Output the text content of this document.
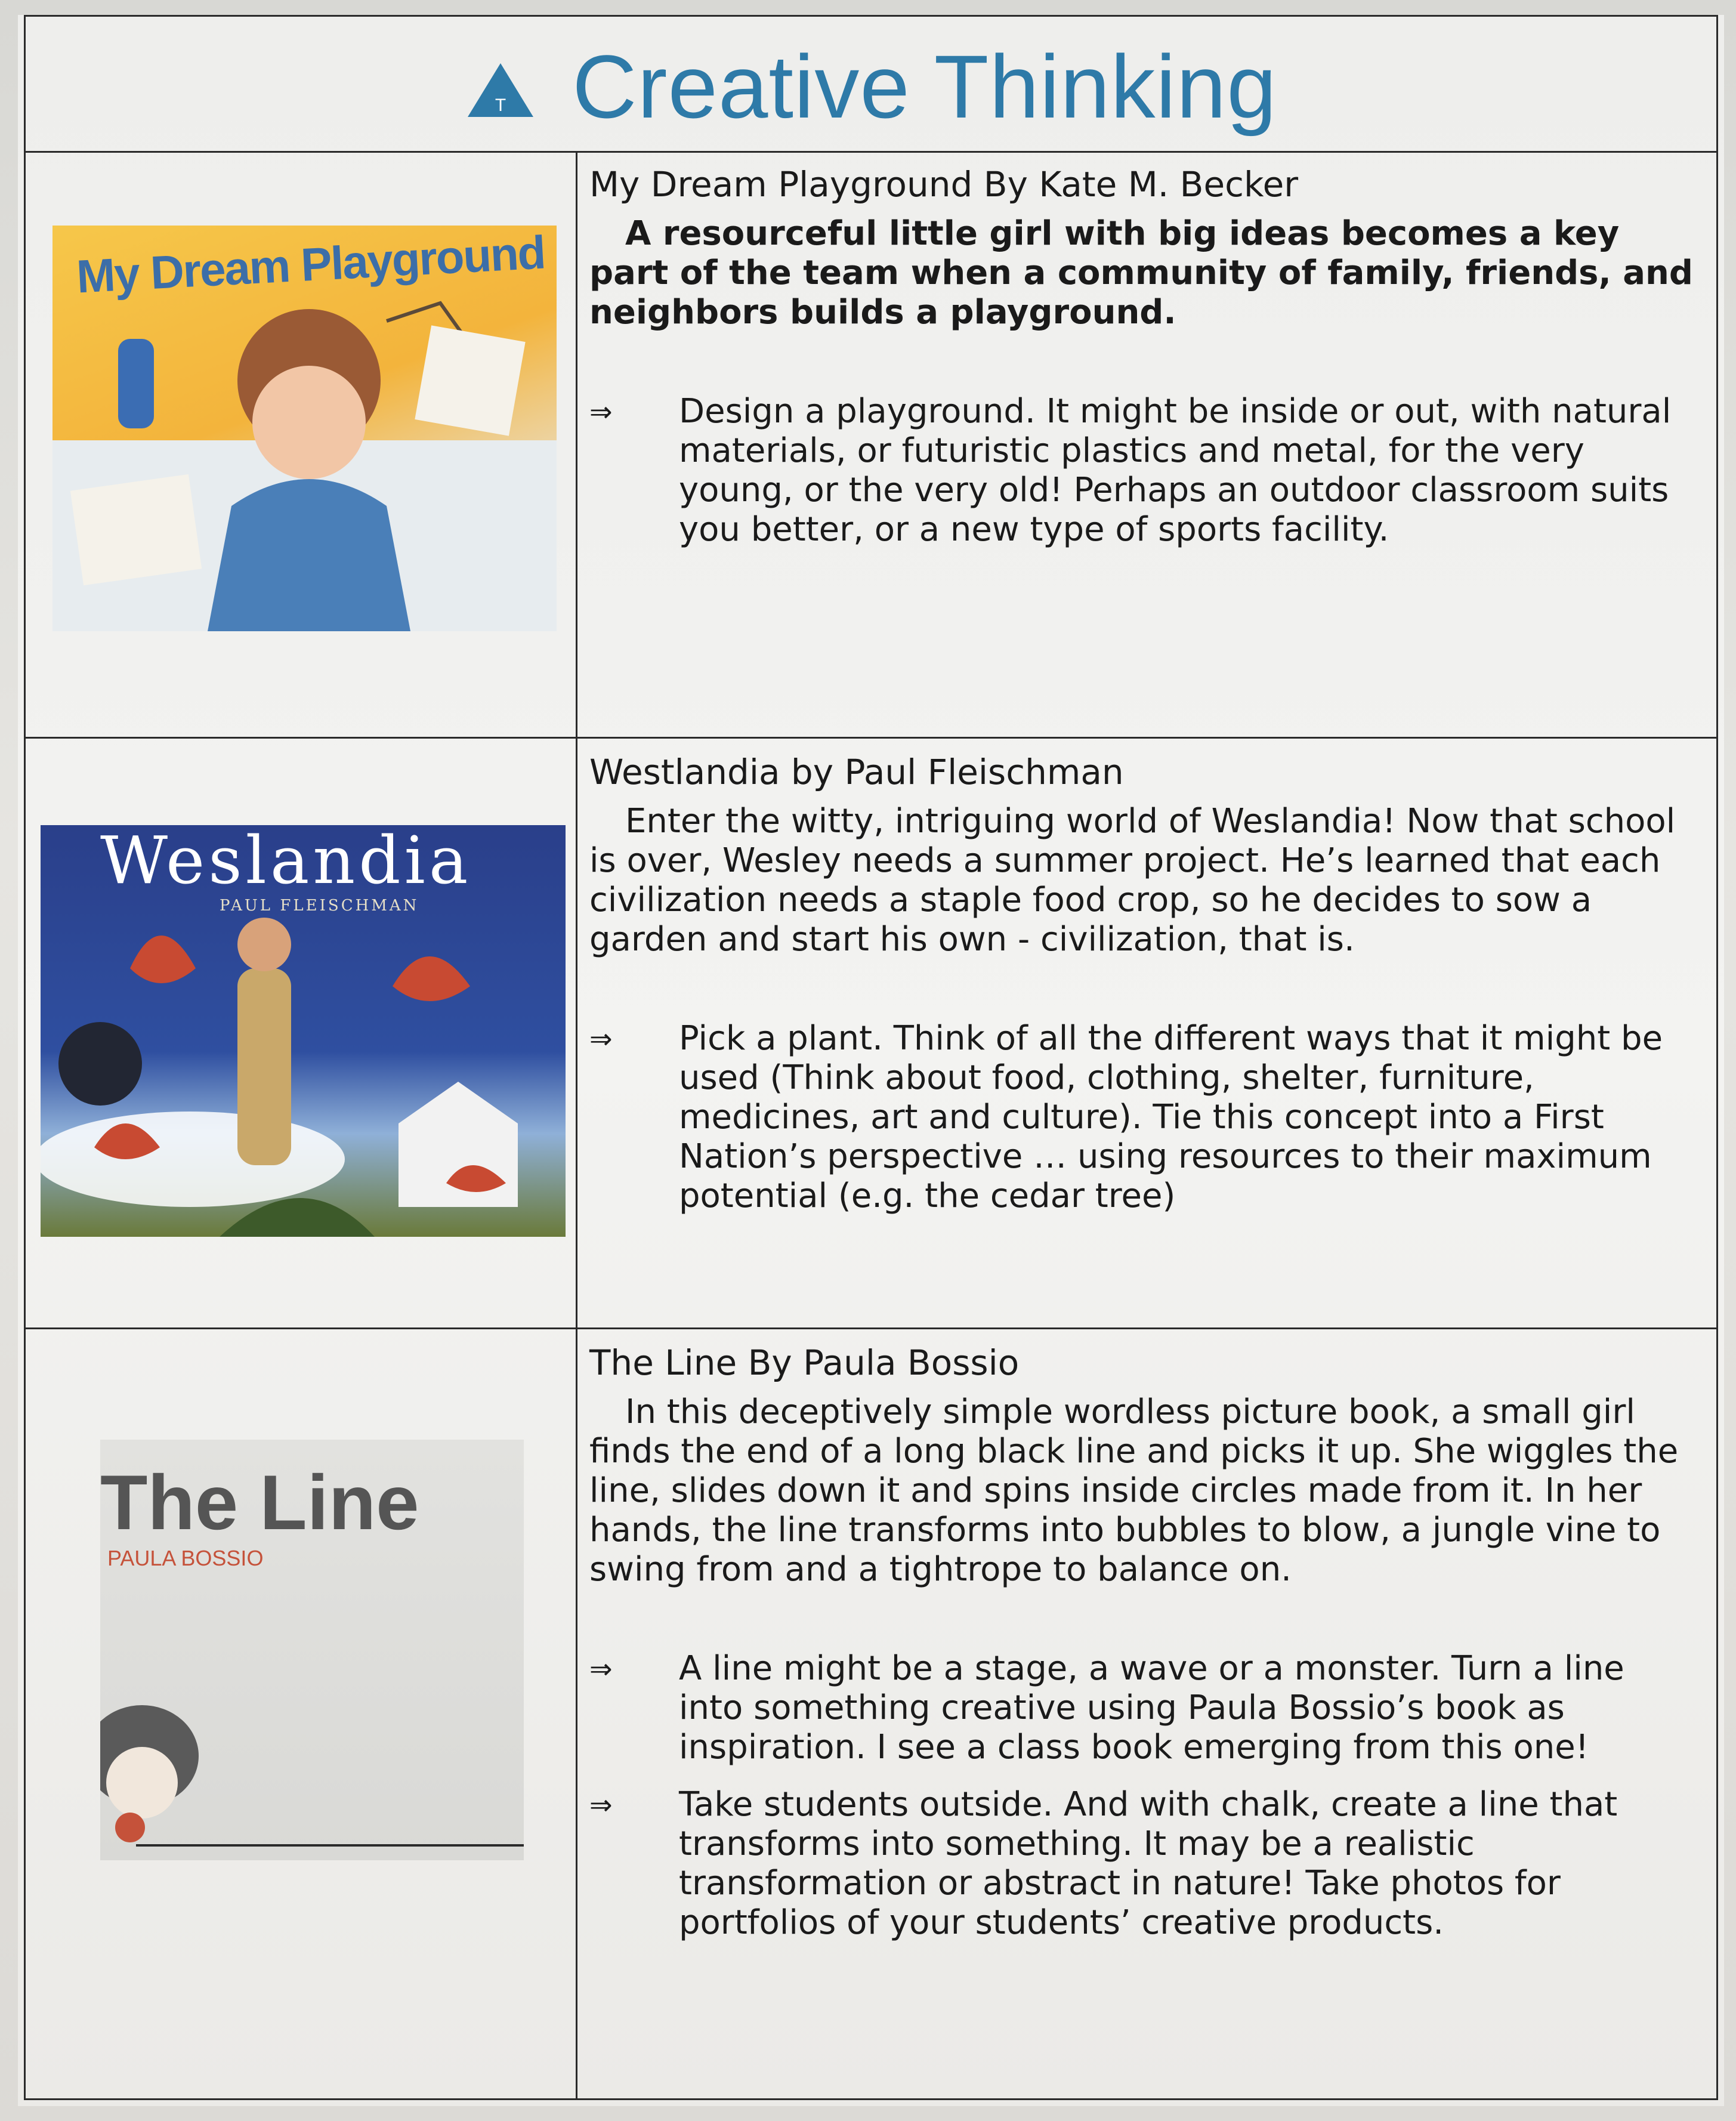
T Creative Thinking
My Dream Playground
My Dream Playground By Kate M. Becker
A resourceful little girl with big ideas becomes a key part of the team when a community of family, friends, and neighbors builds a playground.
⇒	Design a playground. It might be inside or out, with natural materials, or futuristic plastics and metal, for the very young, or the very old! Perhaps an outdoor classroom suits you better, or a new type of sports facility.
Weslandia
PAUL FLEISCHMAN
Westlandia by Paul Fleischman
Enter the witty, intriguing world of Weslandia! Now that school is over, Wesley needs a summer project. He’s learned that each civilization needs a staple food crop, so he decides to sow a garden and start his own - civilization, that is.
⇒	Pick a plant. Think of all the different ways that it might be used (Think about food, clothing, shelter, furniture, medicines, art and culture). Tie this concept into a First Nation’s perspective … using resources to their maximum potential (e.g. the cedar tree)
The Line
PAULA BOSSIO
The Line By Paula Bossio
In this deceptively simple wordless picture book, a small girl finds the end of a long black line and picks it up. She wiggles the line, slides down it and spins inside circles made from it. In her hands, the line transforms into bubbles to blow, a jungle vine to swing from and a tightrope to balance on.
⇒	A line might be a stage, a wave or a monster. Turn a line into something creative using Paula Bossio’s book as inspiration. I see a class book emerging from this one!
⇒	Take students outside. And with chalk, create a line that transforms into something. It may be a realistic transformation or abstract in nature! Take photos for portfolios of your students’ creative products.
